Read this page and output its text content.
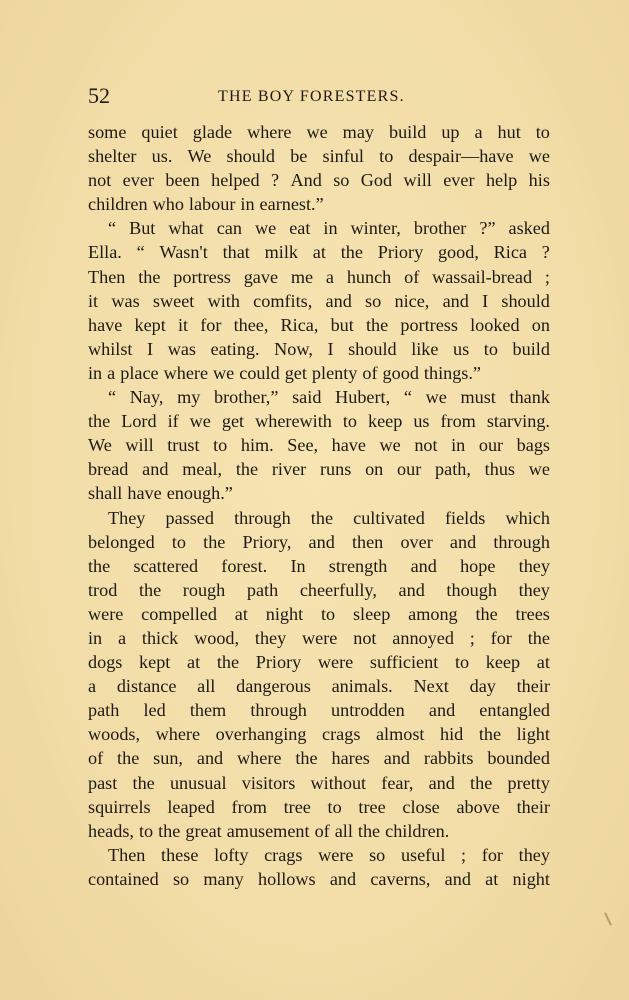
52	THE BOY FORESTERS.
some quiet glade where we may build up a hut to
shelter us. We should be sinful to despair—have we
not ever been helped ? And so God will ever help his
children who labour in earnest.”
“ But what can we eat in winter, brother ?” asked
Ella. “ Wasn't that milk at the Priory good, Rica ?
Then the portress gave me a hunch of wassail-bread ;
it was sweet with comfits, and so nice, and I should
have kept it for thee, Rica, but the portress looked on
whilst I was eating. Now, I should like us to build
in a place where we could get plenty of good things.”
“ Nay, my brother,” said Hubert, “ we must thank
the Lord if we get wherewith to keep us from starving.
We will trust to him. See, have we not in our bags
bread and meal, the river runs on our path, thus we
shall have enough.”
They passed through the cultivated fields which
belonged to the Priory, and then over and through
the scattered forest. In strength and hope they
trod the rough path cheerfully, and though they
were compelled at night to sleep among the trees
in a thick wood, they were not annoyed ; for the
dogs kept at the Priory were sufficient to keep at
a distance all dangerous animals. Next day their
path led them through untrodden and entangled
woods, where overhanging crags almost hid the light
of the sun, and where the hares and rabbits bounded
past the unusual visitors without fear, and the pretty
squirrels leaped from tree to tree close above their
heads, to the great amusement of all the children.
Then these lofty crags were so useful ; for they
contained so many hollows and caverns, and at night
